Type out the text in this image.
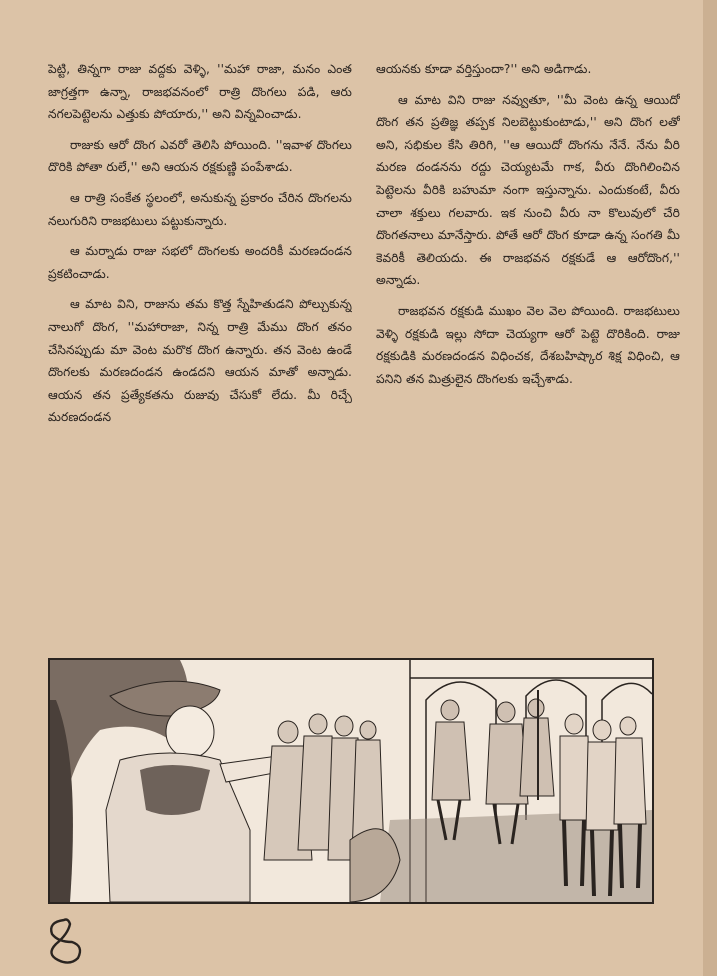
పెట్టి, తిన్నగా రాజు వద్దకు వెళ్ళి, ''మహా రాజా, మనం ఎంత జాగ్రత్తగా ఉన్నా, రాజభవనంలో రాత్రి దొంగలు పడి, ఆరు నగలపెట్టెలను ఎత్తుకు పోయారు,'' అని విన్నవించాడు.

రాజుకు ఆరో దొంగ ఎవరో తెలిసి పోయింది. ''ఇవాళ దొంగలు దొరికి పోతా రులే,'' అని ఆయన రక్షకుణ్ణి పంపేశాడు.

ఆ రాత్రి సంకేత స్థలంలో, అనుకున్న ప్రకారం చేరిన దొంగలను నలుగురిని రాజభటులు పట్టుకున్నారు.

ఆ మర్నాడు రాజు సభలో దొంగలకు అందరికీ మరణదండన ప్రకటించాడు.

ఆ మాట విని, రాజును తమ కొత్త స్నేహితుడని పోల్చుకున్న నాలుగో దొంగ, ''మహారాజా, నిన్న రాత్రి మేము దొంగ తనం చేసినప్పుడు మా వెంట మరొక దొంగ ఉన్నారు. తన వెంట ఉండే దొంగలకు మరణదండన ఉండదని ఆయన మాతో అన్నాడు. ఆయన తన ప్రత్యేకతను రుజువు చేసుకో లేదు. మీ రిచ్చే మరణదండన

ఆయనకు కూడా వర్తిస్తుందా?'' అని అడిగాడు.

ఆ మాట విని రాజు నవ్వుతూ, ''మీ వెంట ఉన్న ఆయిదో దొంగ తన ప్రతిజ్ఞ తప్పక నిలబెట్టుకుంటాడు,'' అని దొంగ లతో అని, సభికుల కేసి తిరిగి, ''ఆ ఆయిదో దొంగను నేనే. నేను వీరి మరణ దండనను రద్దు చెయ్యటమే గాక, వీరు దొంగిలించిన పెట్టెలను వీరికి బహుమా నంగా ఇస్తున్నాను. ఎందుకంటే, వీరు చాలా శక్తులు గలవారు. ఇక నుంచి వీరు నా కొలువులో చేరి దొంగతనాలు మానేస్తారు. పోతే ఆరో దొంగ కూడా ఉన్న సంగతి మీ కెవరికీ తెలియదు. ఈ రాజభవన రక్షకుడే ఆ ఆరోదొంగ,'' అన్నాడు.

రాజభవన రక్షకుడి ముఖం వెల వెల పోయింది. రాజభటులు వెళ్ళి రక్షకుడి ఇల్లు సోదా చెయ్యగా ఆరో పెట్టె దొరికింది. రాజు రక్షకుడికి మరణదండన విధించక, దేశబహిష్కార శిక్ష విధించి, ఆ పనిని తన మిత్రులైన దొంగలకు ఇచ్చేశాడు.
